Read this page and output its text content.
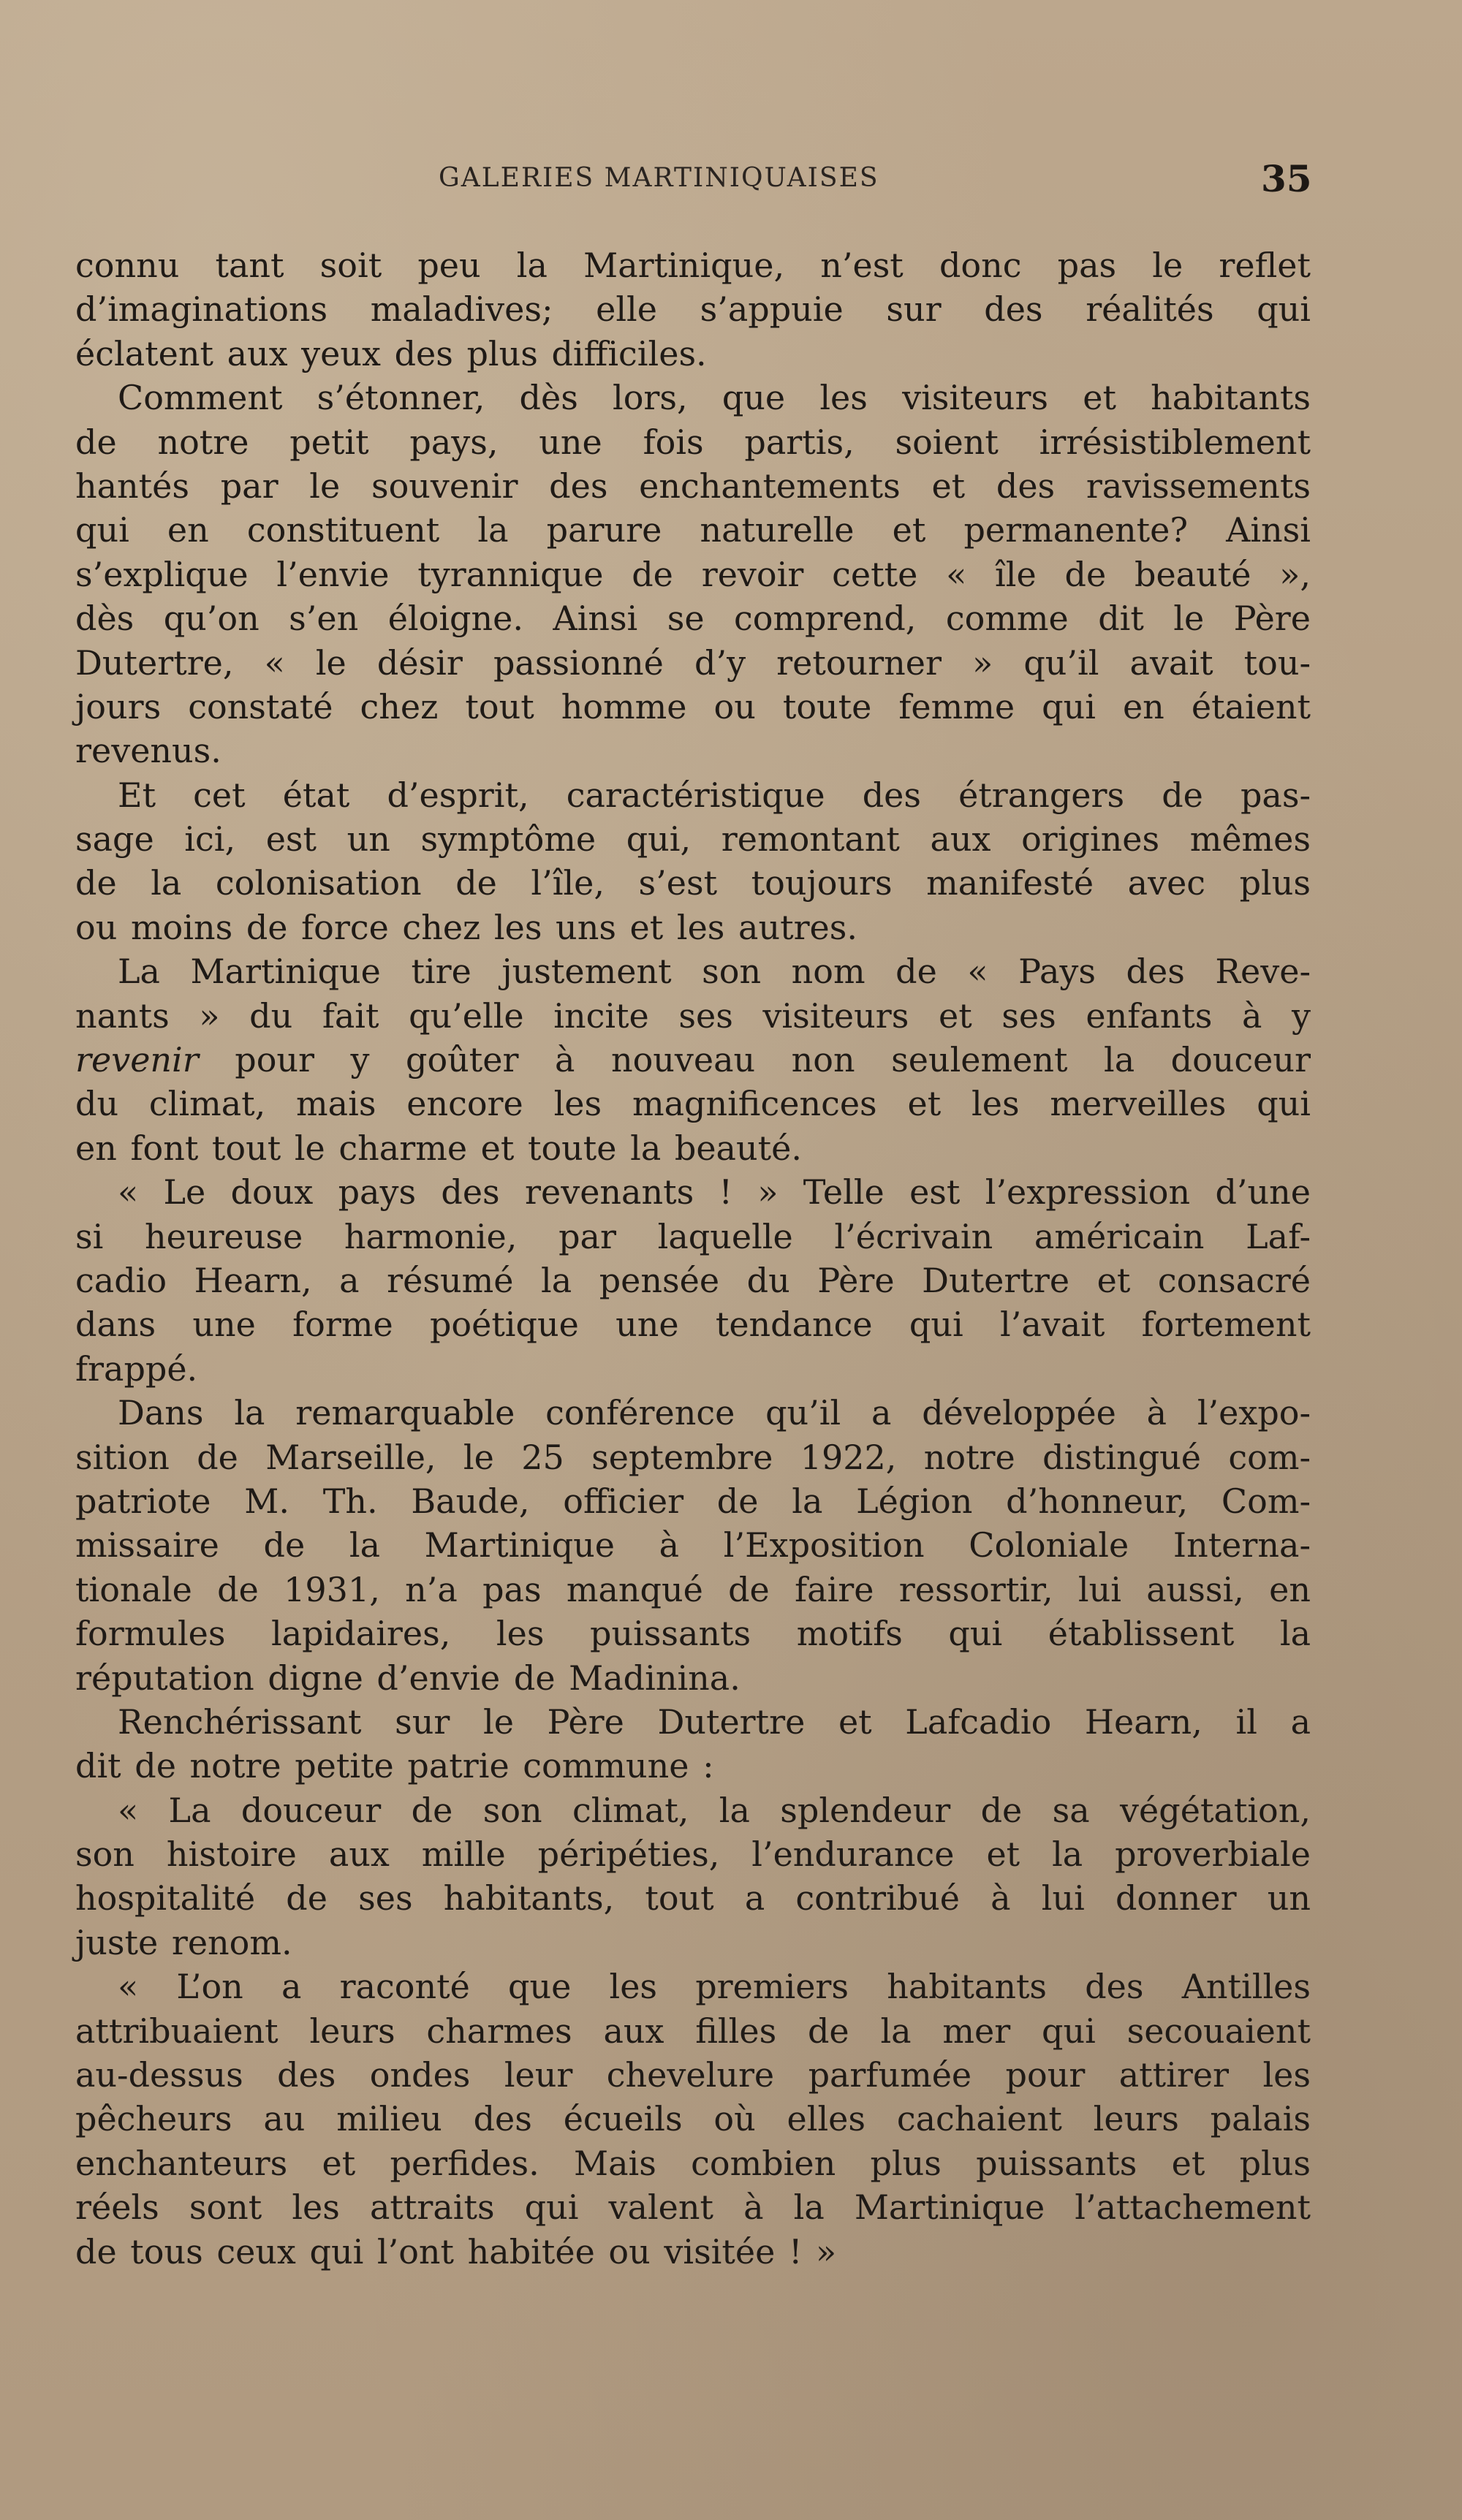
GALERIES MARTINIQUAISES	35
connu tant soit peu la Martinique, n’est donc pas le reflet
d’imaginations maladives; elle s’appuie sur des réalités qui
éclatent aux yeux des plus difficiles.
Comment s’étonner, dès lors, que les visiteurs et habitants
de notre petit pays, une fois partis, soient irrésistiblement
hantés par le souvenir des enchantements et des ravissements
qui en constituent la parure naturelle et permanente? Ainsi
s’explique l’envie tyrannique de revoir cette « île de beauté »,
dès qu’on s’en éloigne. Ainsi se comprend, comme dit le Père
Dutertre, « le désir passionné d’y retourner » qu’il avait tou-
jours constaté chez tout homme ou toute femme qui en étaient
revenus.
Et cet état d’esprit, caractéristique des étrangers de pas-
sage ici, est un symptôme qui, remontant aux origines mêmes
de la colonisation de l’île, s’est toujours manifesté avec plus
ou moins de force chez les uns et les autres.
La Martinique tire justement son nom de « Pays des Reve-
nants » du fait qu’elle incite ses visiteurs et ses enfants à y
revenir pour y goûter à nouveau non seulement la douceur
du climat, mais encore les magnificences et les merveilles qui
en font tout le charme et toute la beauté.
« Le doux pays des revenants ! » Telle est l’expression d’une
si heureuse harmonie, par laquelle l’écrivain américain Laf-
cadio Hearn, a résumé la pensée du Père Dutertre et consacré
dans une forme poétique une tendance qui l’avait fortement
frappé.
Dans la remarquable conférence qu’il a développée à l’expo-
sition de Marseille, le 25 septembre 1922, notre distingué com-
patriote M. Th. Baude, officier de la Légion d’honneur, Com-
missaire de la Martinique à l’Exposition Coloniale Interna-
tionale de 1931, n’a pas manqué de faire ressortir, lui aussi, en
formules lapidaires, les puissants motifs qui établissent la
réputation digne d’envie de Madinina.
Renchérissant sur le Père Dutertre et Lafcadio Hearn, il a
dit de notre petite patrie commune :
« La douceur de son climat, la splendeur de sa végétation,
son histoire aux mille péripéties, l’endurance et la proverbiale
hospitalité de ses habitants, tout a contribué à lui donner un
juste renom.
« L’on a raconté que les premiers habitants des Antilles
attribuaient leurs charmes aux filles de la mer qui secouaient
au-dessus des ondes leur chevelure parfumée pour attirer les
pêcheurs au milieu des écueils où elles cachaient leurs palais
enchanteurs et perfides. Mais combien plus puissants et plus
réels sont les attraits qui valent à la Martinique l’attachement
de tous ceux qui l’ont habitée ou visitée ! »
